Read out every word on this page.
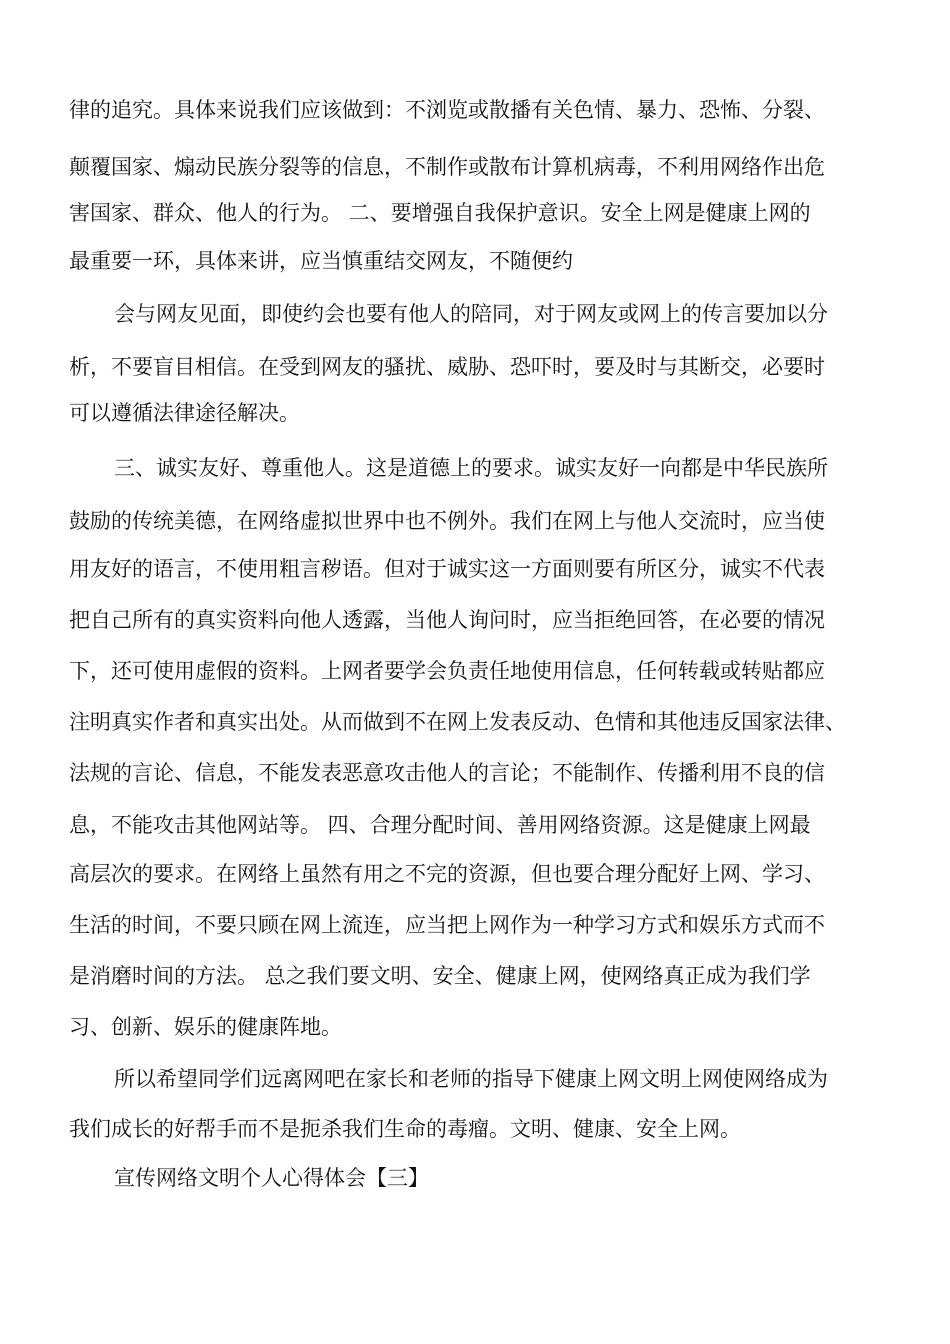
律的追究。具体来说我们应该做到：不浏览或散播有关色情、暴力、恐怖、分裂、
颠覆国家、煽动民族分裂等的信息，不制作或散布计算机病毒，不利用网络作出危
害国家、群众、他人的行为。 二、要增强自我保护意识。安全上网是健康上网的
最重要一环，具体来讲，应当慎重结交网友，不随便约
会与网友见面，即使约会也要有他人的陪同，对于网友或网上的传言要加以分
析，不要盲目相信。在受到网友的骚扰、威胁、恐吓时，要及时与其断交，必要时
可以遵循法律途径解决。
三、诚实友好、尊重他人。这是道德上的要求。诚实友好一向都是中华民族所
鼓励的传统美德，在网络虚拟世界中也不例外。我们在网上与他人交流时，应当使
用友好的语言，不使用粗言秽语。但对于诚实这一方面则要有所区分，诚实不代表
把自己所有的真实资料向他人透露，当他人询问时，应当拒绝回答，在必要的情况
下，还可使用虚假的资料。上网者要学会负责任地使用信息，任何转载或转贴都应
注明真实作者和真实出处。从而做到不在网上发表反动、色情和其他违反国家法律、
法规的言论、信息，不能发表恶意攻击他人的言论；不能制作、传播利用不良的信
息，不能攻击其他网站等。 四、合理分配时间、善用网络资源。这是健康上网最
高层次的要求。在网络上虽然有用之不完的资源，但也要合理分配好上网、学习、
生活的时间，不要只顾在网上流连，应当把上网作为一种学习方式和娱乐方式而不
是消磨时间的方法。 总之我们要文明、安全、健康上网，使网络真正成为我们学
习、创新、娱乐的健康阵地。
所以希望同学们远离网吧在家长和老师的指导下健康上网文明上网使网络成为
我们成长的好帮手而不是扼杀我们生命的毒瘤。文明、健康、安全上网。
宣传网络文明个人心得体会【三】
